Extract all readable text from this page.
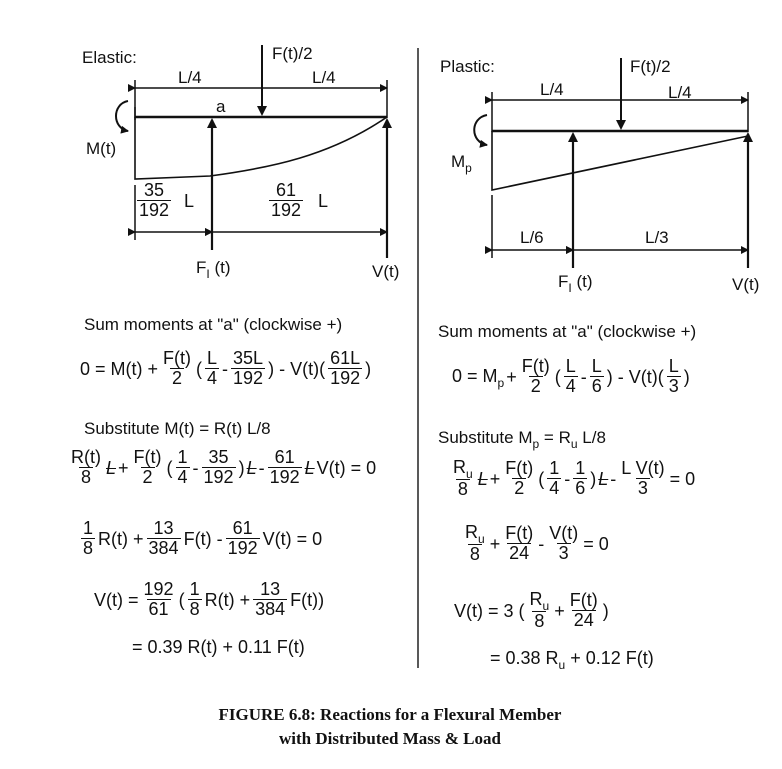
Elastic:	F(t)/2
L/4	L/4
a
M(t)
$\frac{35}{192}$ L	$\frac{61}{192}$ L
$F_I$ (t)	V(t)
Sum moments at "a" (clockwise +)
$0 = M(t) + \frac{F(t)}{2}$ ( $\frac{L}{4} - \frac{35L}{192}$ ) - $V(t)( \frac{61L}{192}$ )
Substitute M(t) = R(t) L/8
$\frac{R(t)}{8}$ $L + \frac{F(t)}{2}$ ( $\frac{1}{4} - \frac{35}{192}$ ) L - $\frac{61}{192}$ L V(t) = 0
$\frac{1}{8} R(t) + \frac{13}{384} F(t) - \frac{61}{192} V(t) = 0$
$V(t) = \frac{192}{61}$ ( $\frac{1}{8} R(t) + \frac{13}{384} F(t)$)
= 0.39 R(t) + 0.11 F(t)
Plastic:	F(t)/2
L/4	L/4
$M_p$
L/6	L/3
$F_I$ (t)	V(t)
Sum moments at "a" (clockwise +)
$0 = M_p + \frac{F(t)}{2}$ ( $\frac{L}{4} - \frac{L}{6}$ ) - $V(t)( \frac{L}{3}$ )
Substitute $M_p = R_u$ L/8
$\frac{R_u}{8}$ $L + \frac{F(t)}{2}$ ( $\frac{1}{4} - \frac{1}{6}$ ) $L - \frac{\text{L V(t)}}{3} = 0$
$\frac{R_u}{8} + \frac{F(t)}{24} - \frac{V(t)}{3} = 0$
V(t) = 3 ( $\frac{R_u}{8} + \frac{F(t)}{24}$ )
= 0.38 $R_u + 0.12$ F(t)
FIGURE 6.8: Reactions for a Flexural Member
with Distributed Mass & Load
